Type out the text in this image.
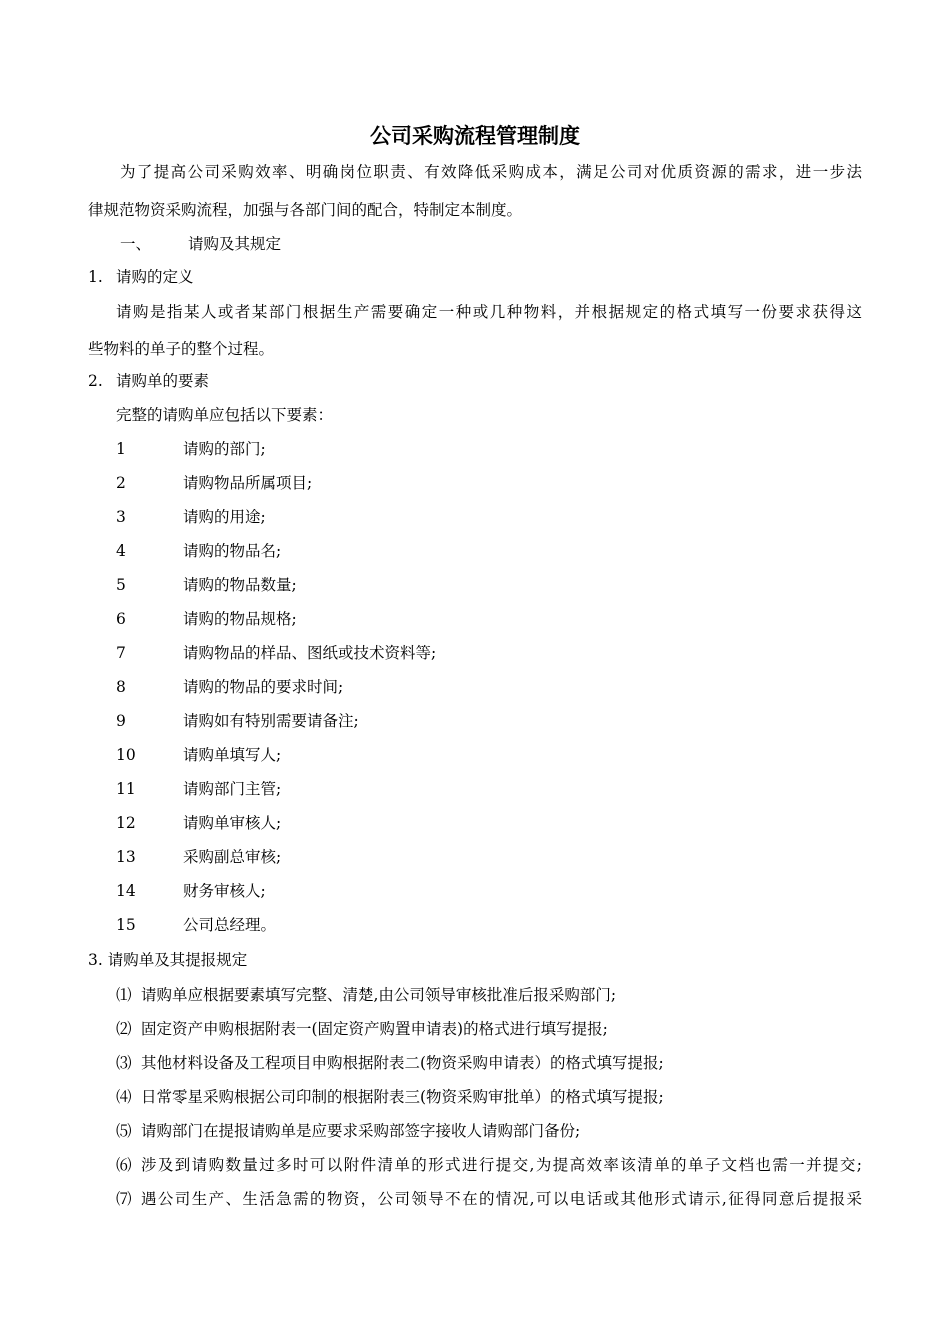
公司采购流程管理制度
为了提高公司采购效率、明确岗位职责、有效降低采购成本，满足公司对优质资源的需求，进一步法
律规范物资采购流程，加强与各部门间的配合，特制定本制度。
一、 请购及其规定
1. 请购的定义
请购是指某人或者某部门根据生产需要确定一种或几种物料，并根据规定的格式填写一份要求获得这
些物料的单子的整个过程。
2. 请购单的要素
完整的请购单应包括以下要素：
1	请购的部门;
2	请购物品所属项目;
3	请购的用途;
4	请购的物品名;
5	请购的物品数量;
6	请购的物品规格;
7	请购物品的样品、图纸或技术资料等;
8	请购的物品的要求时间;
9	请购如有特别需要请备注;
10	请购单填写人;
11	请购部门主管;
12	请购单审核人;
13	采购副总审核;
14	财务审核人;
15	公司总经理。
3. 请购单及其提报规定
⑴ 请购单应根据要素填写完整、清楚,由公司领导审核批准后报采购部门;
⑵ 固定资产申购根据附表一(固定资产购置申请表)的格式进行填写提报;
⑶ 其他材料设备及工程项目申购根据附表二(物资采购申请表）的格式填写提报;
⑷ 日常零星采购根据公司印制的根据附表三(物资采购审批单）的格式填写提报;
⑸ 请购部门在提报请购单是应要求采购部签字接收人请购部门备份;
⑹ 涉及到请购数量过多时可以附件清单的形式进行提交,为提高效率该清单的单子文档也需一并提交;
⑺ 遇公司生产、生活急需的物资，公司领导不在的情况,可以电话或其他形式请示,征得同意后提报采
